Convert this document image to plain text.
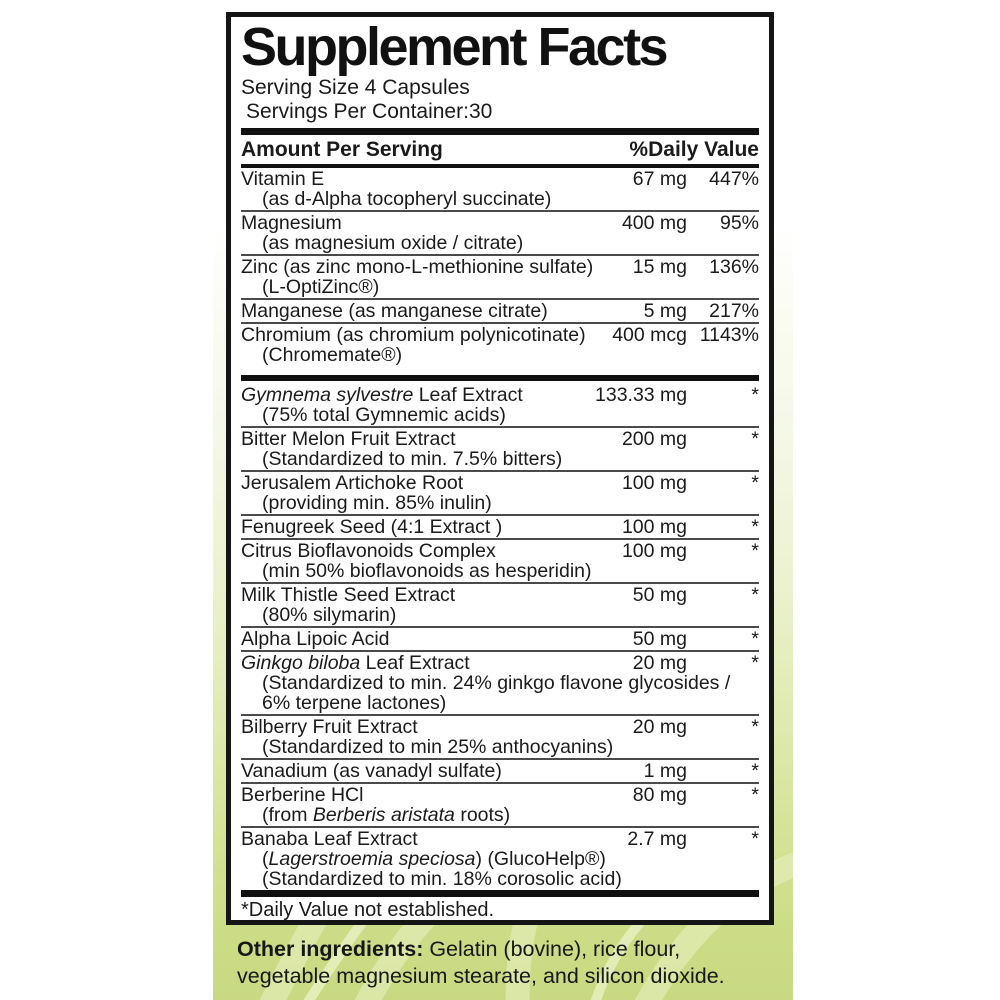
Supplement Facts
Serving Size 4 Capsules
Servings Per Container:30
Amount Per Serving	%Daily Value
Vitamin E	67 mg	447%
(as d-Alpha tocopheryl succinate)
Magnesium	400 mg	95%
(as magnesium oxide / citrate)
Zinc (as zinc mono-L-methionine sulfate)	15 mg	136%
(L-OptiZinc®)
Manganese (as manganese citrate)	5 mg	217%
Chromium (as chromium polynicotinate)	400 mcg 1143%
(Chromemate®)
Gymnema sylvestre Leaf Extract	133.33 mg	*
(75% total Gymnemic acids)
Bitter Melon Fruit Extract	200 mg	*
(Standardized to min. 7.5% bitters)
Jerusalem Artichoke Root	100 mg	*
(providing min. 85% inulin)
Fenugreek Seed (4:1 Extract )	100 mg	*
Citrus Bioflavonoids Complex	100 mg	*
(min 50% bioflavonoids as hesperidin)
Milk Thistle Seed Extract	50 mg	*
(80% silymarin)
Alpha Lipoic Acid	50 mg	*
Ginkgo biloba Leaf Extract	20 mg	*
(Standardized to min. 24% ginkgo flavone glycosides / 6% terpene lactones)
Bilberry Fruit Extract	20 mg	*
(Standardized to min 25% anthocyanins)
Vanadium (as vanadyl sulfate)	1 mg	*
Berberine HCl	80 mg	*
(from Berberis aristata roots)
Banaba Leaf Extract	2.7 mg	*
(Lagerstroemia speciosa) (GlucoHelp®)
(Standardized to min. 18% corosolic acid)
*Daily Value not established.
Other ingredients: Gelatin (bovine), rice flour, vegetable magnesium stearate, and silicon dioxide.
